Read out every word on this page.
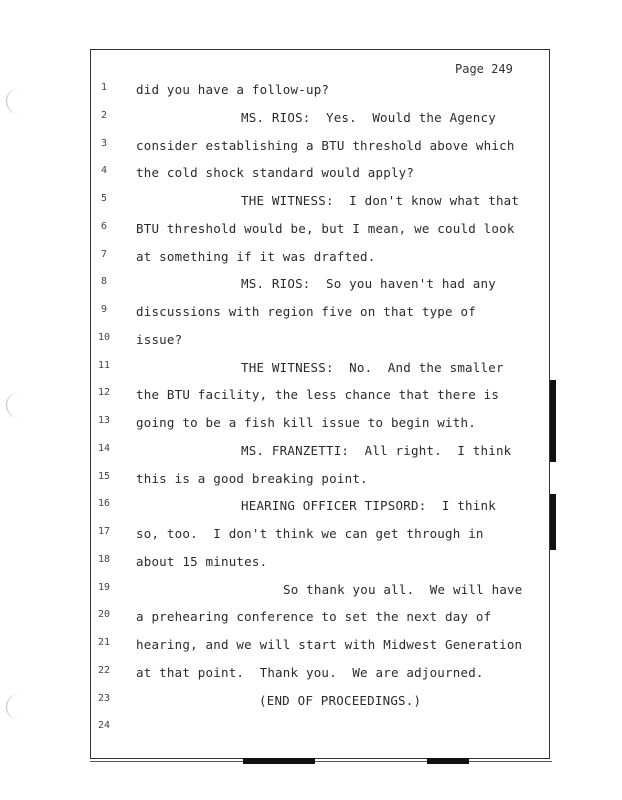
Page 249
1	did you have a follow-up?
2	MS. RIOS:  Yes.  Would the Agency
3	consider establishing a BTU threshold above which
4	the cold shock standard would apply?
5	THE WITNESS:  I don't know what that
6	BTU threshold would be, but I mean, we could look
7	at something if it was drafted.
8	MS. RIOS:  So you haven't had any
9	discussions with region five on that type of
10 issue?
11	THE WITNESS:  No.  And the smaller
12 the BTU facility, the less chance that there is
13 going to be a fish kill issue to begin with.
14	MS. FRANZETTI:  All right.  I think
15 this is a good breaking point.
16	HEARING OFFICER TIPSORD:  I think
17 so, too.  I don't think we can get through in
18 about 15 minutes.
19	So thank you all.  We will have
20 a prehearing conference to set the next day of
21 hearing, and we will start with Midwest Generation
22 at that point.  Thank you.  We are adjourned.
23	(END OF PROCEEDINGS.)
24
